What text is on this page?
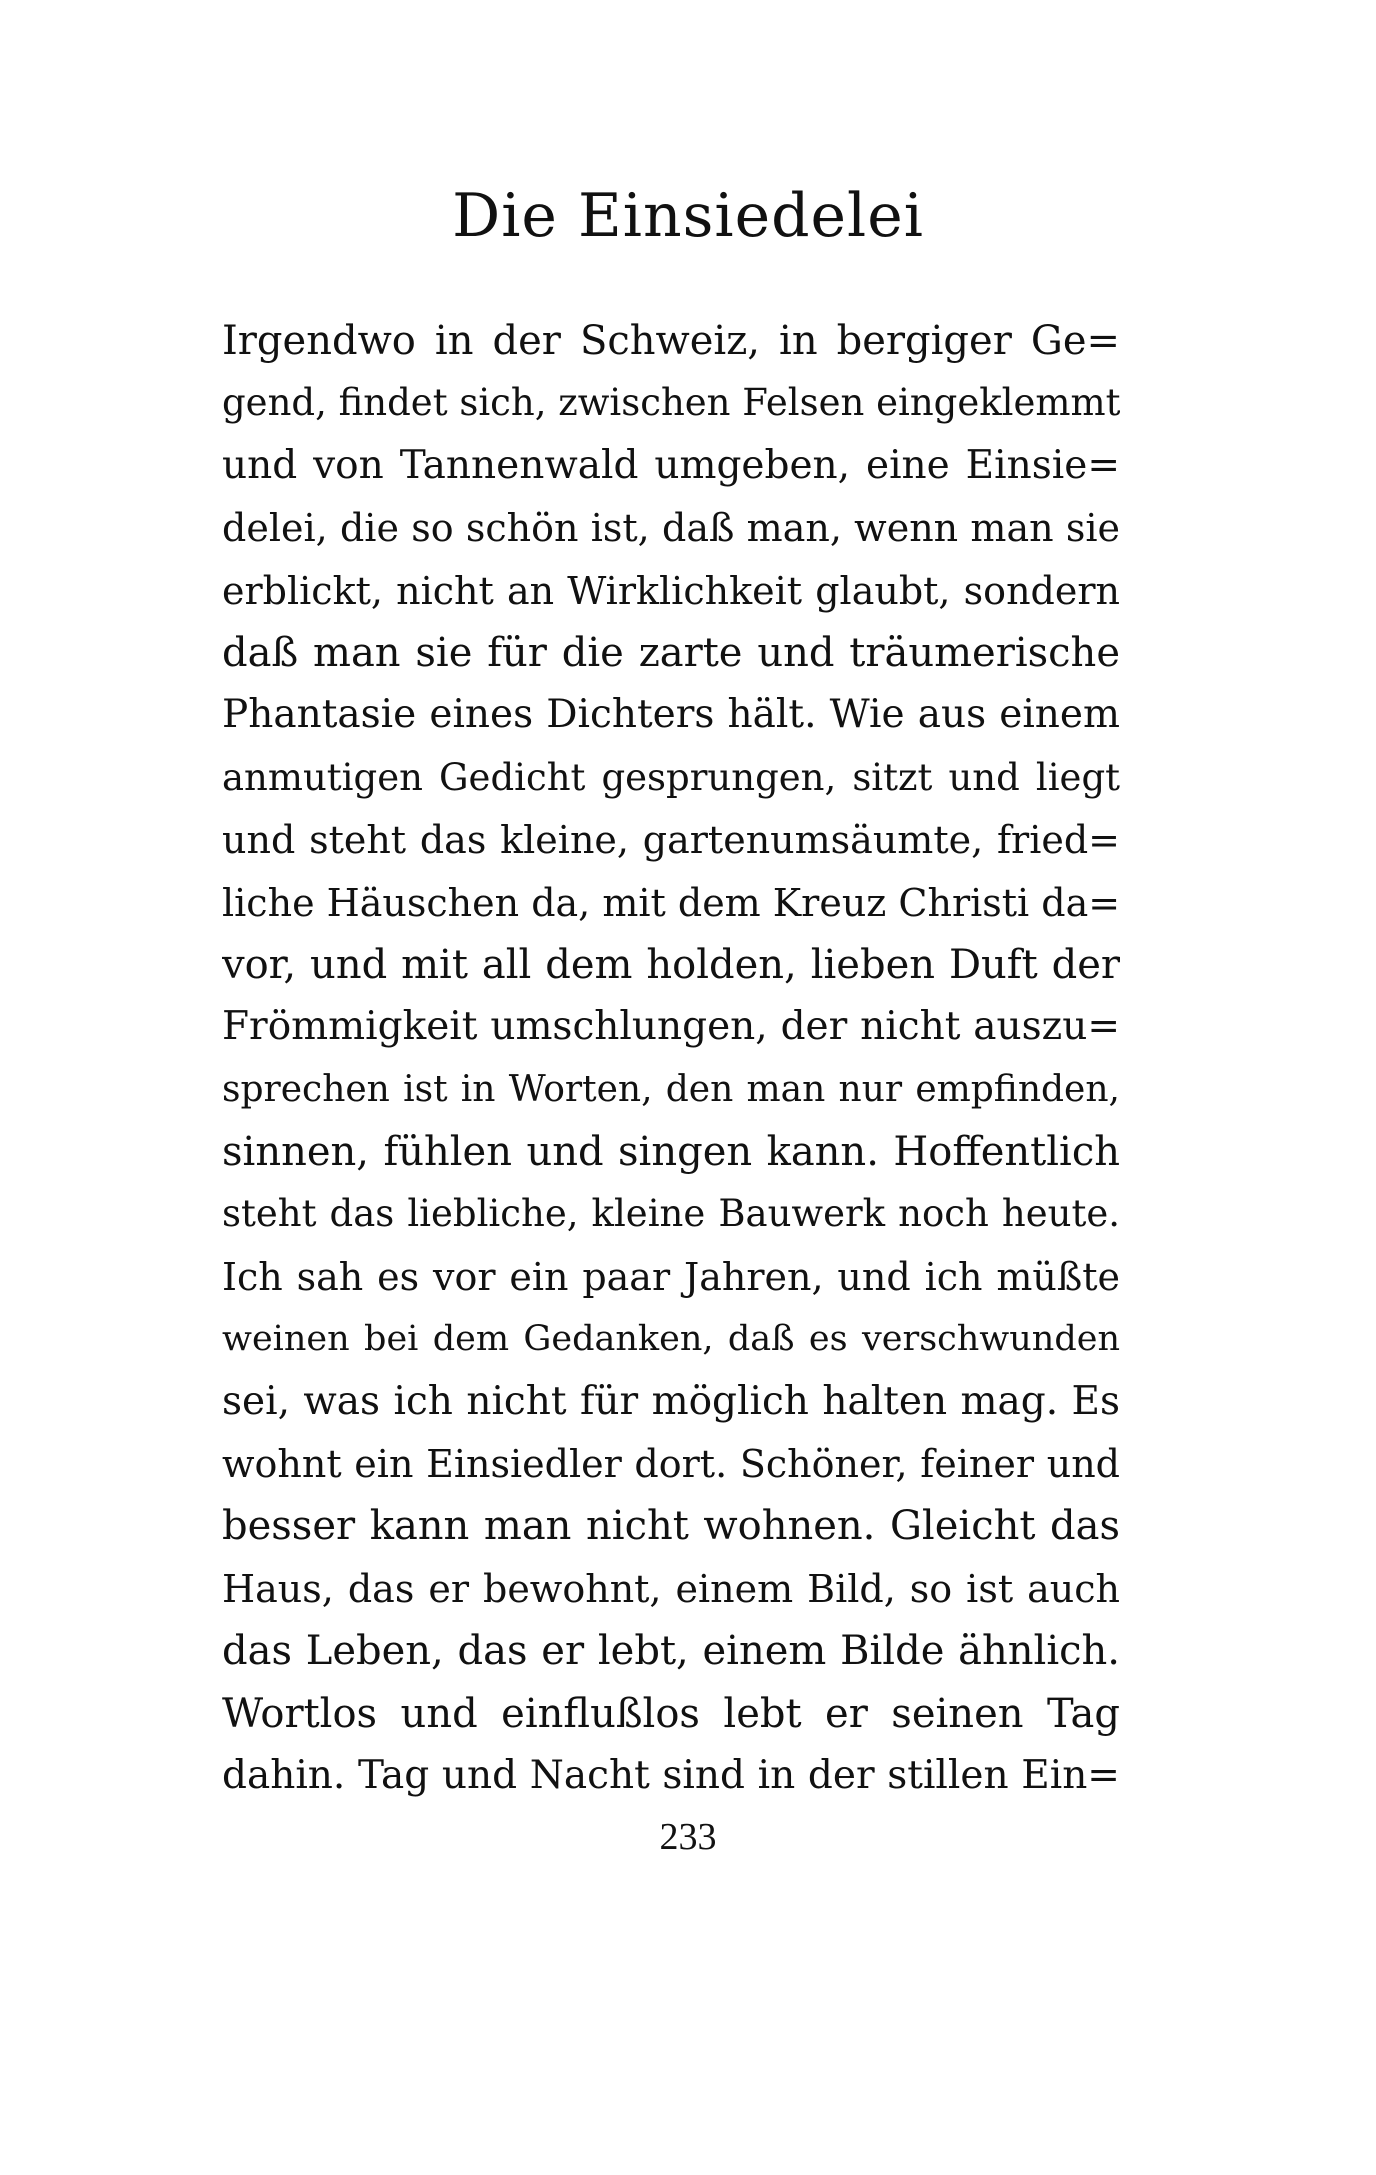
Die Einsiedelei
Irgendwo in der Schweiz, in bergiger Ge=
gend, findet sich, zwischen Felsen eingeklemmt
und von Tannenwald umgeben, eine Einsie=
delei, die so schön ist, daß man, wenn man sie
erblickt, nicht an Wirklichkeit glaubt, sondern
daß man sie für die zarte und träumerische
Phantasie eines Dichters hält. Wie aus einem
anmutigen Gedicht gesprungen, sitzt und liegt
und steht das kleine, gartenumsäumte, fried=
liche Häuschen da, mit dem Kreuz Christi da=
vor, und mit all dem holden, lieben Duft der
Frömmigkeit umschlungen, der nicht auszu=
sprechen ist in Worten, den man nur empfinden,
sinnen, fühlen und singen kann. Hoffentlich
steht das liebliche, kleine Bauwerk noch heute.
Ich sah es vor ein paar Jahren, und ich müßte
weinen bei dem Gedanken, daß es verschwunden
sei, was ich nicht für möglich halten mag. Es
wohnt ein Einsiedler dort. Schöner, feiner und
besser kann man nicht wohnen. Gleicht das
Haus, das er bewohnt, einem Bild, so ist auch
das Leben, das er lebt, einem Bilde ähnlich.
Wortlos und einflußlos lebt er seinen Tag
dahin. Tag und Nacht sind in der stillen Ein=
233
